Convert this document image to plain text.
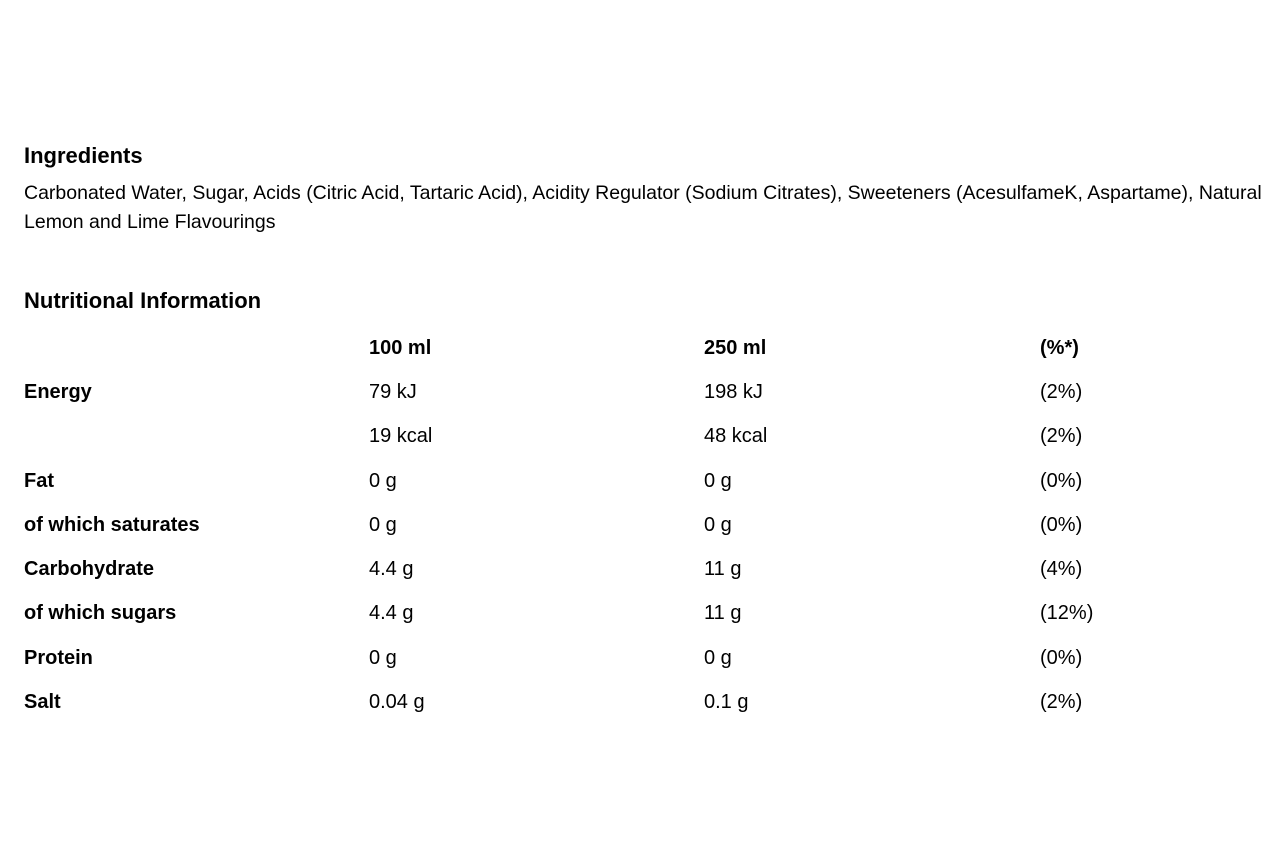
Ingredients

Carbonated Water, Sugar, Acids (Citric Acid, Tartaric Acid), Acidity Regulator (Sodium Citrates), Sweeteners (AcesulfameK, Aspartame), Natural Lemon and Lime Flavourings

Nutritional Information
	100 ml	250 ml	(%*)
Energy	79 kJ	198 kJ	(2%)
	19 kcal	48 kcal	(2%)
Fat	0 g	0 g	(0%)
of which saturates	0 g	0 g	(0%)
Carbohydrate	4.4 g	11 g	(4%)
of which sugars	4.4 g	11 g	(12%)
Protein	0 g	0 g	(0%)
Salt	0.04 g	0.1 g	(2%)
